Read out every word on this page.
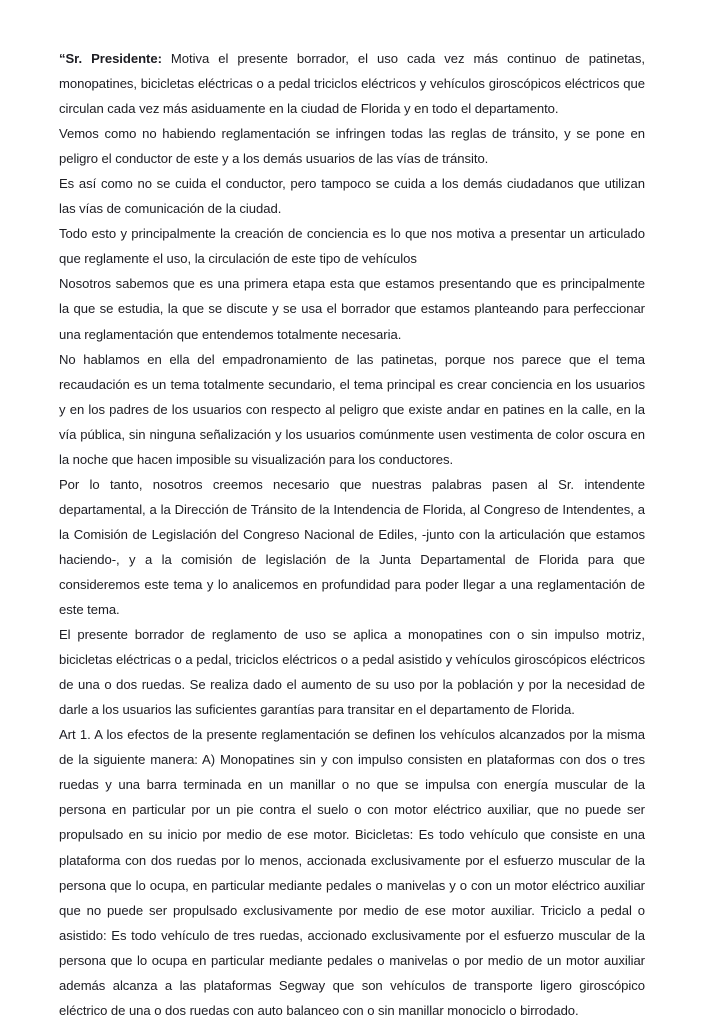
“Sr. Presidente: Motiva el presente borrador, el uso cada vez más continuo de patinetas, monopatines, bicicletas eléctricas o a pedal triciclos eléctricos y vehículos giroscópicos eléctricos que circulan cada vez más asiduamente en la ciudad de Florida y en todo el departamento.

Vemos como no habiendo reglamentación se infringen todas las reglas de tránsito, y se pone en peligro el conductor de este y a los demás usuarios de las vías de tránsito.

Es así como no se cuida el conductor, pero tampoco se cuida a los demás ciudadanos que utilizan las vías de comunicación de la ciudad.

Todo esto y principalmente la creación de conciencia es lo que nos motiva a presentar un articulado que reglamente el uso, la circulación de este tipo de vehículos

Nosotros sabemos que es una primera etapa esta que estamos presentando que es principalmente la que se estudia, la que se discute y se usa el borrador que estamos planteando para perfeccionar una reglamentación que entendemos totalmente necesaria.

No hablamos en ella del empadronamiento de las patinetas, porque nos parece que el tema recaudación es un tema totalmente secundario, el tema principal es crear conciencia en los usuarios y en los padres de los usuarios con respecto al peligro que existe andar en patines en la calle, en la vía pública, sin ninguna señalización y los usuarios comúnmente usen vestimenta de color oscura en la noche que hacen imposible su visualización para los conductores.

Por lo tanto, nosotros creemos necesario que nuestras palabras pasen al Sr. intendente departamental, a la Dirección de Tránsito de la Intendencia de Florida, al Congreso de Intendentes, a la Comisión de Legislación del Congreso Nacional de Ediles, -junto con la articulación que estamos haciendo-, y a la comisión de legislación de la Junta Departamental de Florida para que consideremos este tema y lo analicemos en profundidad para poder llegar a una reglamentación de este tema.

El presente borrador de reglamento de uso se aplica a monopatines con o sin impulso motriz, bicicletas eléctricas o a pedal, triciclos eléctricos o a pedal asistido y vehículos giroscópicos eléctricos de una o dos ruedas. Se realiza dado el aumento de su uso por la población y por la necesidad de darle a los usuarios las suficientes garantías para transitar en el departamento de Florida.

Art 1. A los efectos de la presente reglamentación se definen los vehículos alcanzados por la misma de la siguiente manera: A) Monopatines sin y con impulso consisten en plataformas con dos o tres ruedas y una barra terminada en un manillar o no que se impulsa con energía muscular de la persona en particular por un pie contra el suelo o con motor eléctrico auxiliar, que no puede ser propulsado en su inicio por medio de ese motor. Bicicletas: Es todo vehículo que consiste en una plataforma con dos ruedas por lo menos, accionada exclusivamente por el esfuerzo muscular de la persona que lo ocupa, en particular mediante pedales o manivelas y o con un motor eléctrico auxiliar que no puede ser propulsado exclusivamente por medio de ese motor auxiliar. Triciclo a pedal o asistido: Es todo vehículo de tres ruedas, accionado exclusivamente por el esfuerzo muscular de la persona que lo ocupa en particular mediante pedales o manivelas o por medio de un motor auxiliar además alcanza a las plataformas Segway que son vehículos de transporte ligero giroscópico eléctrico de una o dos ruedas con auto balanceo con o sin manillar monociclo o birrodado.
